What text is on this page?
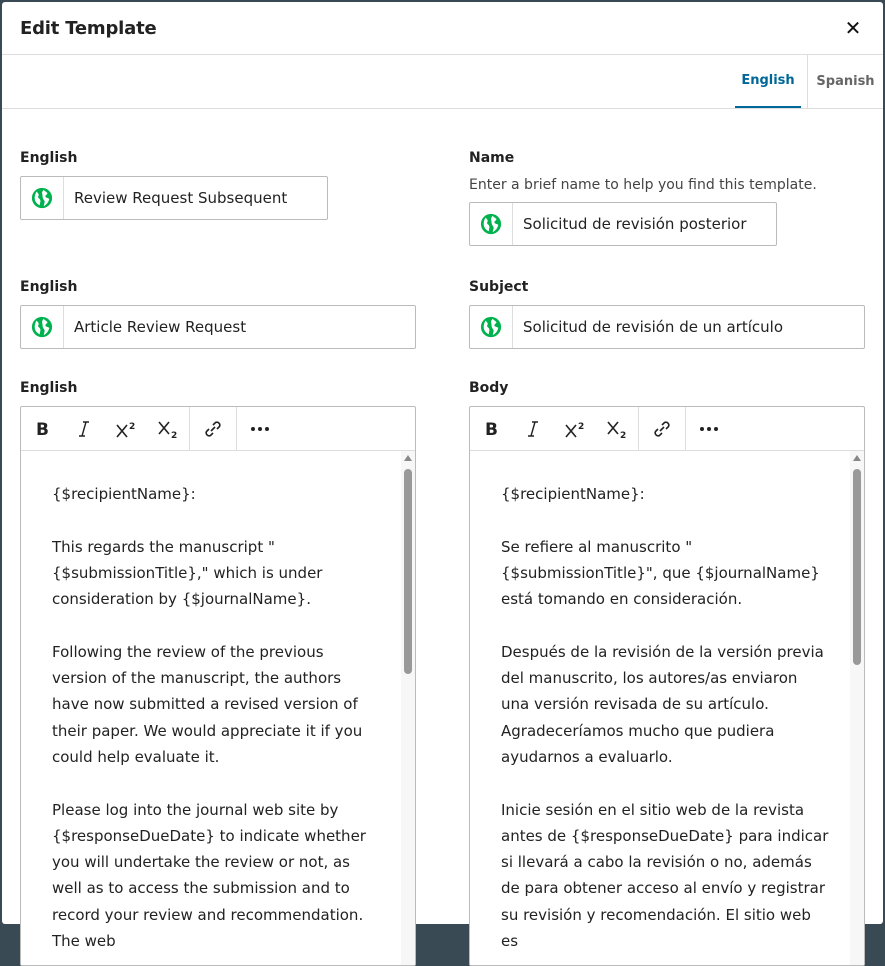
Edit Template	✕
English	Spanish
English
Review Request Subsequent
Name
Enter a brief name to help you find this template.
Solicitud de revisión posterior
English
Article Review Request
Subject
Solicitud de revisión de un artículo
English
B	2
2

{$recipientName}:

This regards the manuscript "{$submissionTitle}," which is under consideration by {$journalName}.

Following the review of the previous version of the manuscript, the authors have now submitted a revised version of their paper. We would appreciate it if you could help evaluate it.

Please log into the journal web site by {$responseDueDate} to indicate whether you will undertake the review or not, as well as to access the submission and to record your review and recommendation. The web

Body
B	2
2

{$recipientName}:

Se refiere al manuscrito "{$submissionTitle}", que {$journalName} está tomando en consideración.

Después de la revisión de la versión previa del manuscrito, los autores/as enviaron una versión revisada de su artículo. Agradeceríamos mucho que pudiera ayudarnos a evaluarlo.

Inicie sesión en el sitio web de la revista antes de {$responseDueDate} para indicar si llevará a cabo la revisión o no, además de para obtener acceso al envío y registrar su revisión y recomendación. El sitio web es
